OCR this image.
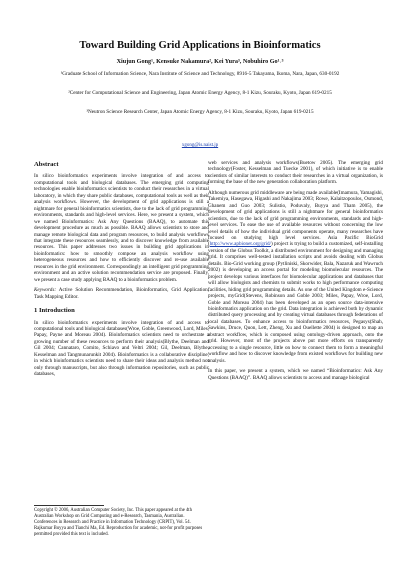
Toward Building Grid Applications in Bioinformatics
Xiujun Gong¹, Kensuke Nakamura², Kei Yura³, Nobuhiro Go¹˒³
¹Graduate School of Information Science, Nara Institute of Science and Technology, 8916-5 Takayama, Ikoma, Nara, Japan, 630-0192
²Center for Computational Science and Engineering, Japan Atomic Energy Agency, 8-1 Kizu, Souraku, Kyoto, Japan 619-0215
³Neutron Science Research Center, Japan Atomic Energy Agency, 8-1 Kizu, Souraku, Kyoto, Japan 619-0215
xgong@is.naist.jp
Abstract

In silico bioinformatics experiments involve integration of and access to computational tools and biological databases. The emerging grid computing technologies enable bioinformatics scientists to conduct their researches in a virtual laboratory, in which they share public databases, computational tools as well as their analysis workflows. However, the development of grid applications is still a nightmare for general bioinformatics scientists, due to the lack of grid programming environments, standards and high-level services. Here, we present a system, which we named Bioinformatics: Ask Any Questions (BAAQ), to automate this development procedure as much as possible. BAAQ allows scientists to store and manage remote biological data and program resources, to build analysis workflows that integrate these resources seamlessly, and to discover knowledge from available resources. This paper addresses two issues in building grid applications in bioinformatics: how to smoothly compose an analysis workflow using heterogeneous resources and how to efficiently discover and re-use available resources in the grid environment. Correspondingly an intelligent grid programming environment and an active solution recommendation service are proposed. Finally, we present a case study applying BAAQ to a bioinformatics problem.

Keywords: Active Solution Recommendation, Bioinformatics, Grid Application, Task Mapping Editor.

1 Introduction

In silico bioinformatics experiments involve integration of and access to computational tools and biological databases(Wroe, Goble, Greenwood, Lord, Miles, Papay, Payne and Moreau 2004). Bioinformatics scientists need to orchestrate a growing number of these resources to perform their analysis(Blythe, Deelman and Gil 2004; Cannataro, Comito, Schiavo and Veltri 2004; Gil, Deelman, Blythe, Kesselman and Tangmunarunkit 2004). Bioinformatics is a collaborative discipline, in which bioinformatics scientists need to share their ideas and analysis method not only through manuscripts, but also through information repositories, such as public databases,

Copyright © 2006, Australian Computer Society, Inc. This paper appeared at the 4th Australian Workshop on Grid Computing and e-Research, Tasmania, Australian. Conferences in Research and Practice in Information Technology (CRPIT), Vol. 54. Rajkumar Buyya and Tianchi Ma, Ed. Reproduction for academic, not-for profit purposes permitted provided this text is included.

web services and analysis workflows(Buetow 2005). The emerging grid technology(Foster, Kesselman and Tuecke 2001), of which initiative is to enable scientists of similar interests to conduct their researches in a virtual organization, is forming the base of the new generation collaboration platform.

Although numerous grid middleware are being made available(Imamura, Yamagishi, Takemiya, Hasegawa, Higashi and Nakajima 2003; Rowe, Kalaitzopoulos, Osmond, Ghanem and Guo 2003; Sulistio, Poduvaly, Buyya and Tham 2005), the development of grid applications is still a nightmare for general bioinformatics scientists, due to the lack of grid programming environments, standards and high-level services. To ease the use of available resources without concerning the low level details of how the individual grid components operate, many researches have focused on studying high level services. Asia Pacific BioGrid (http://www.apbionet.org/grid/) project is trying to build a customized, self-installing version of the Globus Toolkit, a distributed environment for designing and managing grid. It comprises well-tested installation scripts and avoids dealing with Globus details. Bio-Grid working group (Pytliniski, Skorwider, Bala, Nazaruk and Wawruch 2002) is developing an access portal for modeling biomolecular resources. The project develops various interfaces for biomolecular applications and databases that will allow biologists and chemists to submit works to high performance computing facilities, hiding grid programming details. As one of the United Kingdom e-Science projects, myGrid(Stevens, Robinson and Goble 2003; Miles, Papay, Wroe, Lord, Goble and Moreau 2004) has been developed as an open source data-intensive bioinformatics application on the grid. Data integration is achieved both by dynamic distributed query processing and by creating virtual databases through federations of local databases. To enhance access to bioinformatics resources, Pegasys(Shah, Sawkins, Druce, Quon, Lett, Zheng, Xu and Ouellette 2004) is designed to map an abstract workflow, which is composed using ontology-driven approach, onto the grid. However, most of the projects above put more efforts on transparently accessing to a single resource, little on how to connect them to form a meaningful workflow and how to discover knowledge from existed workflows for building new analysis.

In this paper, we present a system, which we named “Bioinformatics: Ask Any Questions (BAAQ)”. BAAQ allows scientists to access and manage biological
